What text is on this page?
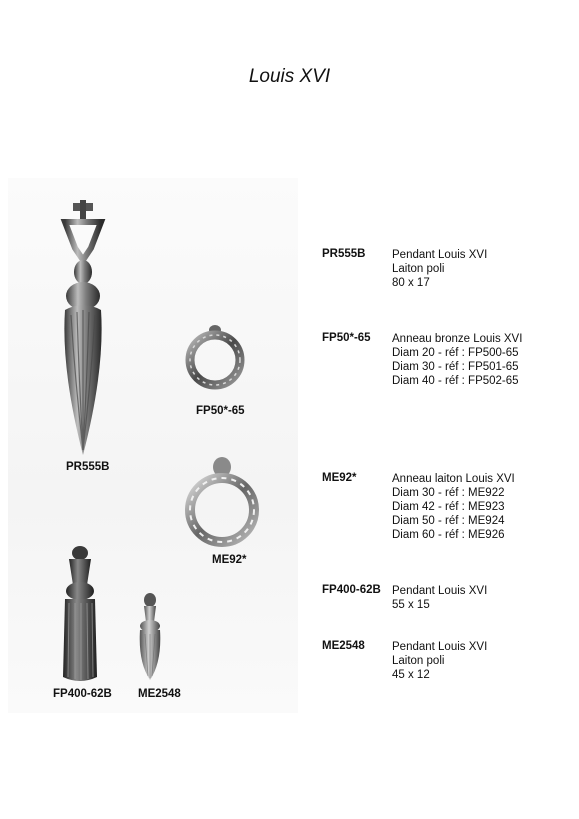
Louis XVI
PR555B
FP50*-65
ME92*
FP400-62B ME2548
PR555B Pendant Louis XVI
Laiton poli
80 x 17
FP50*-65 Anneau bronze Louis XVI
Diam 20 - réf : FP500-65
Diam 30 - réf : FP501-65
Diam 40 - réf : FP502-65
ME92*	Anneau laiton Louis XVI
Diam 30 - réf : ME922
Diam 42 - réf : ME923
Diam 50 - réf : ME924
Diam 60 - réf : ME926
FP400-62B Pendant Louis XVI
55 x 15
ME2548 Pendant Louis XVI
Laiton poli
45 x 12
